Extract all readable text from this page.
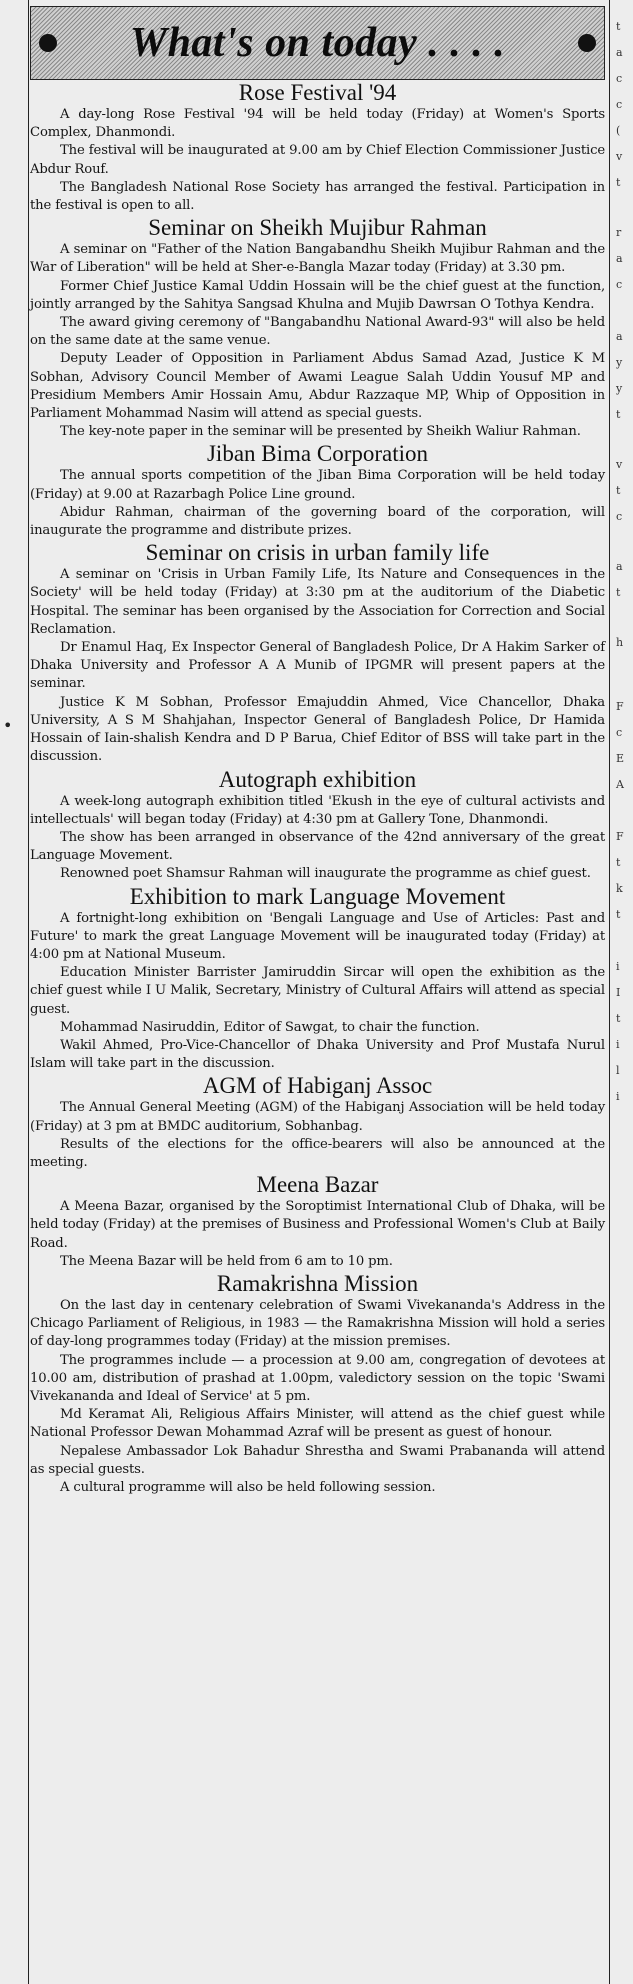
•
What's on today . . . .
Rose Festival '94

A day-long Rose Festival '94 will be held today (Friday) at Women's Sports Complex, Dhanmondi.

The festival will be inaugurated at 9.00 am by Chief Election Commissioner Justice Abdur Rouf.

The Bangladesh National Rose Society has arranged the festival. Participation in the festival is open to all.

Seminar on Sheikh Mujibur Rahman

A seminar on "Father of the Nation Bangabandhu Sheikh Mujibur Rahman and the War of Liberation" will be held at Sher-e-Bangla Mazar today (Friday) at 3.30 pm.

Former Chief Justice Kamal Uddin Hossain will be the chief guest at the function, jointly arranged by the Sahitya Sangsad Khulna and Mujib Dawrsan O Tothya Kendra.

The award giving ceremony of "Bangabandhu National Award-93" will also be held on the same date at the same venue.

Deputy Leader of Opposition in Parliament Abdus Samad Azad, Justice K M Sobhan, Advisory Council Member of Awami League Salah Uddin Yousuf MP and Presidium Members Amir Hossain Amu, Abdur Razzaque MP, Whip of Opposition in Parliament Mohammad Nasim will attend as special guests.

The key-note paper in the seminar will be presented by Sheikh Waliur Rahman.

Jiban Bima Corporation

The annual sports competition of the Jiban Bima Corporation will be held today (Friday) at 9.00 at Razarbagh Police Line ground.

Abidur Rahman, chairman of the governing board of the corporation, will inaugurate the programme and distribute prizes.

Seminar on crisis in urban family life

A seminar on 'Crisis in Urban Family Life, Its Nature and Consequences in the Society' will be held today (Friday) at 3:30 pm at the auditorium of the Diabetic Hospital. The seminar has been organised by the Association for Correction and Social Reclamation.

Dr Enamul Haq, Ex Inspector General of Bangladesh Police, Dr A Hakim Sarker of Dhaka University and Professor A A Munib of IPGMR will present papers at the seminar.

Justice K M Sobhan, Professor Emajuddin Ahmed, Vice Chancellor, Dhaka University, A S M Shahjahan, Inspector General of Bangladesh Police, Dr Hamida Hossain of Iain-shalish Kendra and D P Barua, Chief Editor of BSS will take part in the discussion.

Autograph exhibition

A week-long autograph exhibition titled 'Ekush in the eye of cultural activists and intellectuals' will began today (Friday) at 4:30 pm at Gallery Tone, Dhanmondi.

The show has been arranged in observance of the 42nd anniversary of the great Language Movement.

Renowned poet Shamsur Rahman will inaugurate the programme as chief guest.

Exhibition to mark Language Movement

A fortnight-long exhibition on 'Bengali Language and Use of Articles: Past and Future' to mark the great Language Movement will be inaugurated today (Friday) at 4:00 pm at National Museum.

Education Minister Barrister Jamiruddin Sircar will open the exhibition as the chief guest while I U Malik, Secretary, Ministry of Cultural Affairs will attend as special guest.

Mohammad Nasiruddin, Editor of Sawgat, to chair the function.

Wakil Ahmed, Pro-Vice-Chancellor of Dhaka University and Prof Mustafa Nurul Islam will take part in the discussion.

AGM of Habiganj Assoc

The Annual General Meeting (AGM) of the Habiganj Association will be held today (Friday) at 3 pm at BMDC auditorium, Sobhanbag.

Results of the elections for the office-bearers will also be announced at the meeting.

Meena Bazar

A Meena Bazar, organised by the Soroptimist International Club of Dhaka, will be held today (Friday) at the premises of Business and Professional Women's Club at Baily Road.

The Meena Bazar will be held from 6 am to 10 pm.

Ramakrishna Mission

On the last day in centenary celebration of Swami Vivekananda's Address in the Chicago Parliament of Religious, in 1983 — the Ramakrishna Mission will hold a series of day-long programmes today (Friday) at the mission premises.

The programmes include — a procession at 9.00 am, congregation of devotees at 10.00 am, distribution of prashad at 1.00pm, valedictory session on the topic 'Swami Vivekananda and Ideal of Service' at 5 pm.

Md Keramat Ali, Religious Affairs Minister, will attend as the chief guest while National Professor Dewan Mohammad Azraf will be present as guest of honour.

Nepalese Ambassador Lok Bahadur Shrestha and Swami Prabananda will attend as special guests.

A cultural programme will also be held following session.

t
a
c
c
(
v
t
r
a
c
a
y
y
t
v
t
c
a
t
h
F
c
E
A
F
t
k
t
i
I
t
i
l
i
